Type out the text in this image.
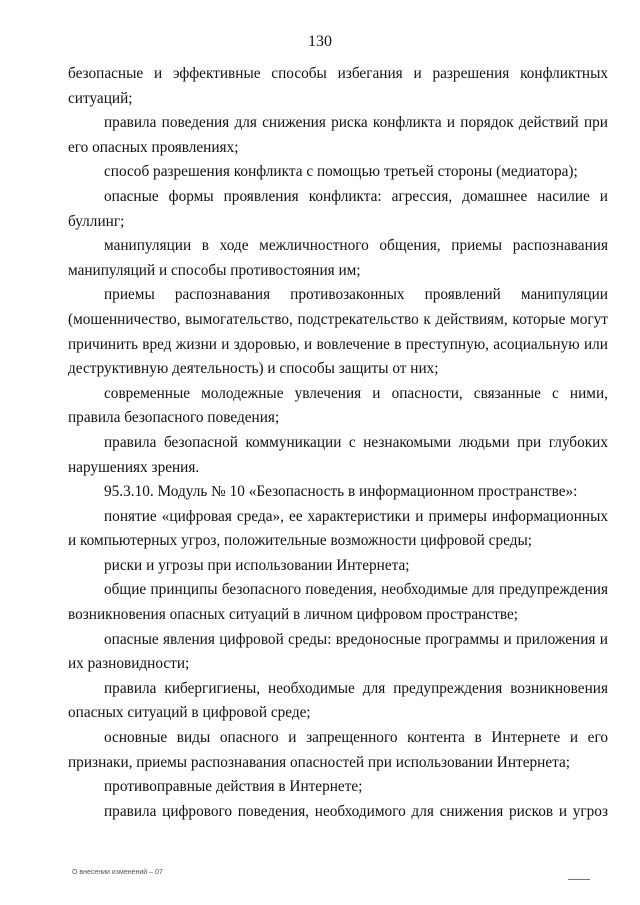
130

безопасные и эффективные способы избегания и разрешения конфликтных ситуаций;

правила поведения для снижения риска конфликта и порядок действий при его опасных проявлениях;

способ разрешения конфликта с помощью третьей стороны (медиатора);

опасные формы проявления конфликта: агрессия, домашнее насилие и буллинг;

манипуляции в ходе межличностного общения, приемы распознавания манипуляций и способы противостояния им;

приемы распознавания противозаконных проявлений манипуляции (мошенничество, вымогательство, подстрекательство к действиям, которые могут причинить вред жизни и здоровью, и вовлечение в преступную, асоциальную или деструктивную деятельность) и способы защиты от них;

современные молодежные увлечения и опасности, связанные с ними, правила безопасного поведения;

правила безопасной коммуникации с незнакомыми людьми при глубоких нарушениях зрения.

95.3.10. Модуль № 10 «Безопасность в информационном пространстве»:

понятие «цифровая среда», ее характеристики и примеры информационных и компьютерных угроз, положительные возможности цифровой среды;

риски и угрозы при использовании Интернета;

общие принципы безопасного поведения, необходимые для предупреждения возникновения опасных ситуаций в личном цифровом пространстве;

опасные явления цифровой среды: вредоносные программы и приложения и их разновидности;

правила кибергигиены, необходимые для предупреждения возникновения опасных ситуаций в цифровой среде;

основные виды опасного и запрещенного контента в Интернете и его признаки, приемы распознавания опасностей при использовании Интернета;

противоправные действия в Интернете;

правила цифрового поведения, необходимого для снижения рисков и угроз

О внесении изменений – 07
